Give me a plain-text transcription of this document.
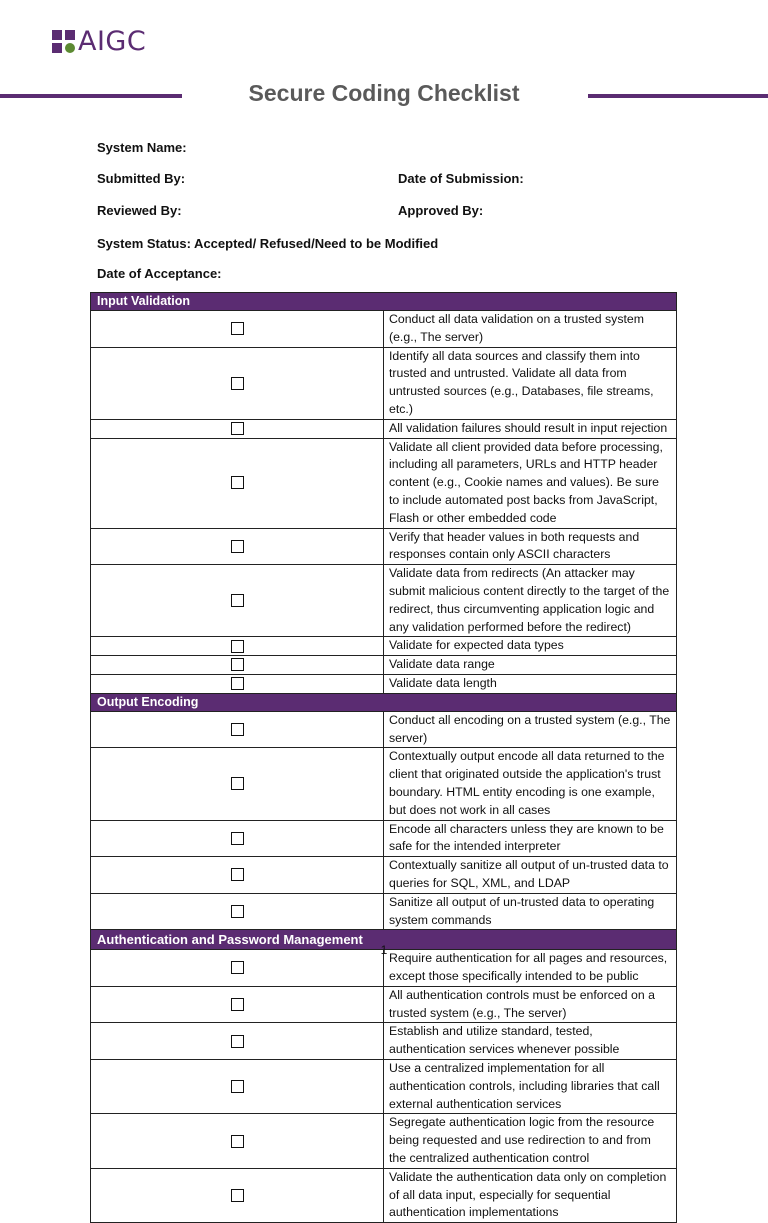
AIGC
Secure Coding Checklist
System Name:
Submitted By:	Date of Submission:
Reviewed By:	Approved By:
System Status: Accepted/ Refused/Need to be Modified
Date of Acceptance:
Input Validation	
	Conduct all data validation on a trusted system (e.g., The server)
	Identify all data sources and classify them into trusted and untrusted. Validate all data from untrusted sources (e.g., Databases, file streams, etc.)
	All validation failures should result in input rejection
	Validate all client provided data before processing, including all parameters, URLs and HTTP header content (e.g., Cookie names and values). Be sure to include automated post backs from JavaScript, Flash or other embedded code
	Verify that header values in both requests and responses contain only ASCII characters
	Validate data from redirects (An attacker may submit malicious content directly to the target of the redirect, thus circumventing application logic and any validation performed before the redirect)
	Validate for expected data types
	Validate data range
	Validate data length
Output Encoding	
	Conduct all encoding on a trusted system (e.g., The server)
	Contextually output encode all data returned to the client that originated outside the application's trust boundary. HTML entity encoding is one example, but does not work in all cases
	Encode all characters unless they are known to be safe for the intended interpreter
	Contextually sanitize all output of un-trusted data to queries for SQL, XML, and LDAP
	Sanitize all output of un-trusted data to operating system commands
Authentication and Password Management	
	Require authentication for all pages and resources, except those specifically intended to be public
	All authentication controls must be enforced on a trusted system (e.g., The server)
	Establish and utilize standard, tested, authentication services whenever possible
	Use a centralized implementation for all authentication controls, including libraries that call external authentication services
	Segregate authentication logic from the resource being requested and use redirection to and from the centralized authentication control
	Validate the authentication data only on completion of all data input, especially for sequential authentication implementations
1
